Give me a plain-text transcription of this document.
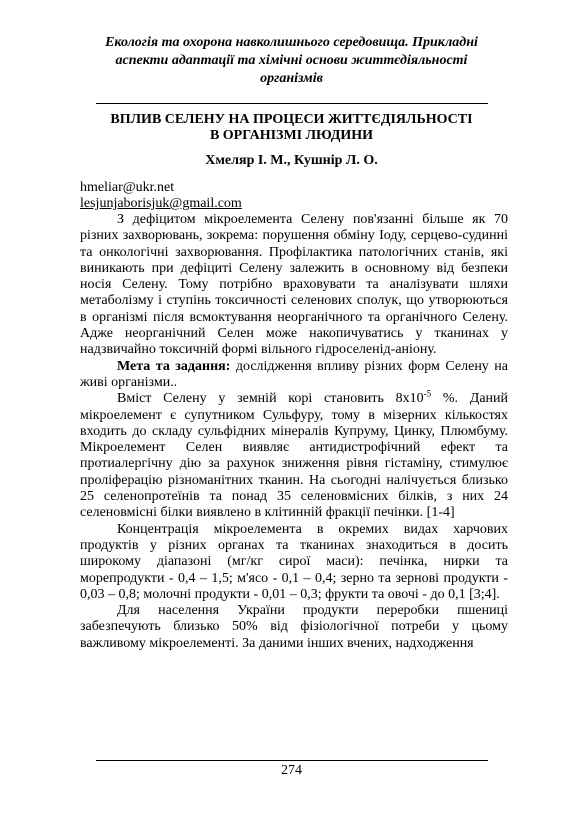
Екологія та охорона навколишнього середовища. Прикладні
аспекти адаптації та хімічні основи життєдіяльності
організмів
ВПЛИВ СЕЛЕНУ НА ПРОЦЕСИ ЖИТТЄДІЯЛЬНОСТІ
В ОРГАНІЗМІ ЛЮДИНИ
Хмеляр І. М., Кушнір Л. О.
hmeliar@ukr.net
lesjunjaborisjuk@gmail.com

З дефіцитом мікроелемента Селену пов'язанні більше як 70 різних захворювань, зокрема: порушення обміну Іоду, серцево-судинні та онкологічні захворювання. Профілактика патологічних станів, які виникають при дефіциті Селену залежить в основному від безпеки носія Селену. Тому потрібно враховувати та аналізувати шляхи метаболізму і ступінь токсичності селенових сполук, що утворюються в організмі після всмоктування неорганічного та органічного Селену. Адже неорганічний Селен може накопичуватись у тканинах у надзвичайно токсичній формі вільного гідроселенід-аніону.

Мета та задання: дослідження впливу різних форм Селену на живі організми..

Вміст Селену у земній корі становить $8х10^{-5}$ %. Даний мікроелемент є супутником Сульфуру, тому в мізерних кількостях входить до складу сульфідних мінералів Купруму, Цинку, Плюмбуму. Мікроелемент Селен виявляє антидистрофічний ефект та протиалергічну дію за рахунок зниження рівня гістаміну, стимулює проліферацію різноманітних тканин. На сьогодні налічується близько 25 селенопротеїнів та понад 35 селеновмісних білків, з них 24 селеновмісні білки виявлено в клітинній фракції печінки. [1-4]

Концентрація мікроелемента в окремих видах харчових продуктів у різних органах та тканинах знаходиться в досить широкому діапазоні (мг/кг сирої маси): печінка, нирки та морепродукти - 0,4 – 1,5; м'ясо - 0,1 – 0,4; зерно та зернові продукти - 0,03 – 0,8; молочні продукти - 0,01 – 0,3; фрукти та овочі - до 0,1 [3;4].

Для населення України продукти переробки пшениці забезпечують близько 50% від фізіологічної потреби у цьому важливому мікроелементі. За даними інших вчених, надходження

274
